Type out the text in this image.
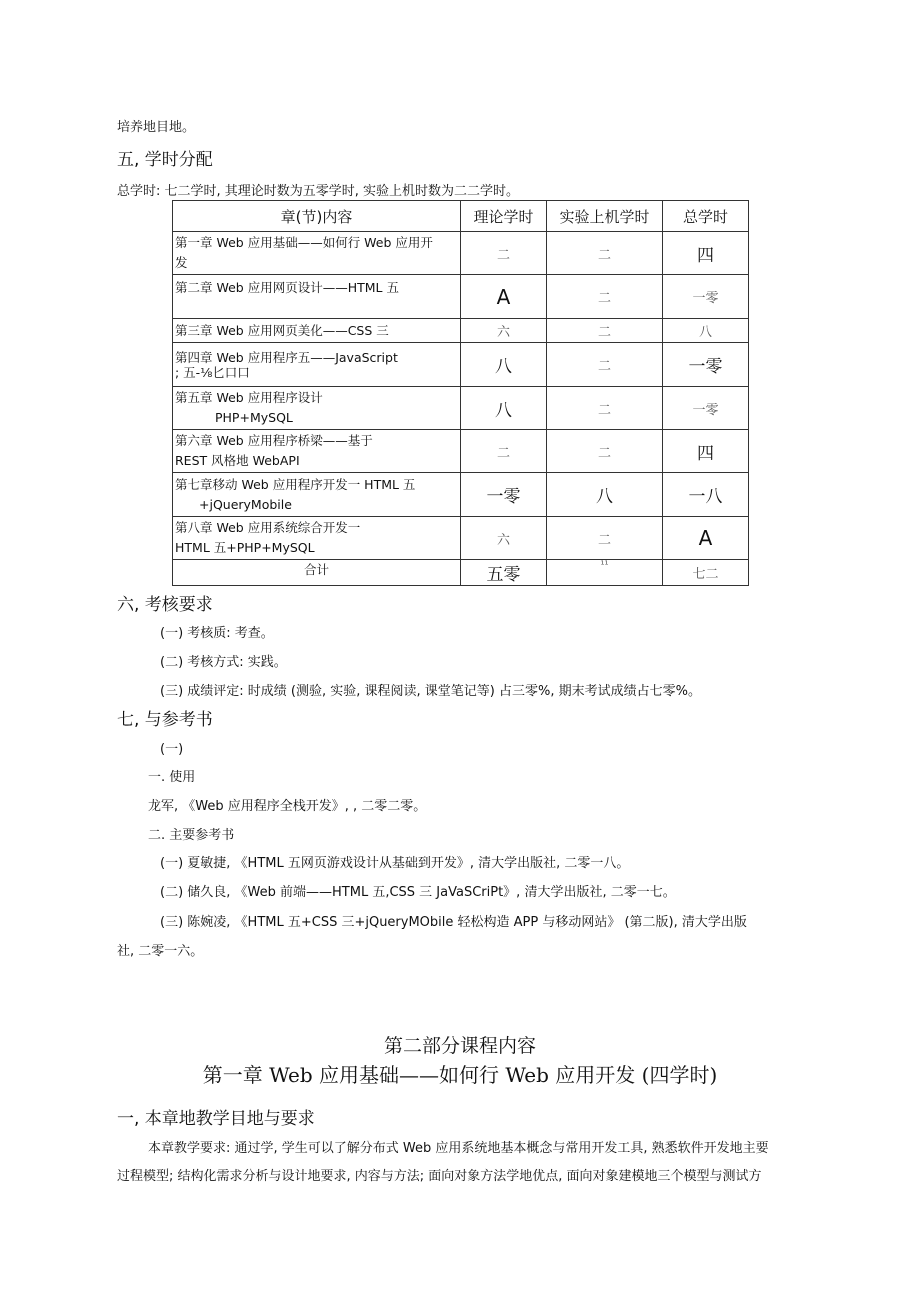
培养地目地。
五, 学时分配
总学时: 七二学时, 其理论时数为五零学时, 实验上机时数为二二学时。
章(节)内容	理论学时	实验上机学时	总学时

第一章 Web 应用基础——如何行 Web 应用开
发	二	二	四

第二章 Web 应用网页设计——HTML 五	A	二	一零

第三章 Web 应用网页美化——CSS 三	六	二	八

第四章 Web 应用程序五——JavaScript
; 五-⅛匕口口	八	二	一零

第五章 Web 应用程序设计
PHP+MySQL	八	二	一零

第六章 Web 应用程序桥梁——基于
REST 风格地 WebAPI	二	二	四

第七章移动 Web 应用程序开发一 HTML 五
+jQueryMobile	一零	八	一八

第八章 Web 应用系统综合开发一
HTML 五+PHP+MySQL	六	二	A
合计	五零	¹¹	七二
六, 考核要求
(一) 考核质: 考查。
(二) 考核方式: 实践。
(三) 成绩评定: 时成绩 (测验, 实验, 课程阅读, 课堂笔记等) 占三零%, 期末考试成绩占七零%。
七, 与参考书
(一)
一. 使用
龙军, 《Web 应用程序全栈开发》, , 二零二零。
二. 主要参考书
(一) 夏敏捷, 《HTML 五网页游戏设计从基础到开发》, 清大学出版社, 二零一八。
(二) 储久良, 《Web 前端——HTML 五,CSS 三 JaVaSCriPt》, 清大学出版社, 二零一七。
(三) 陈婉凌, 《HTML 五+CSS 三+jQueryMObile 轻松构造 APP 与移动网站》 (第二版), 清大学出版
社, 二零一六。
第二部分课程内容
第一章 Web 应用基础——如何行 Web 应用开发 (四学时)
一, 本章地教学目地与要求
本章教学要求: 通过学, 学生可以了解分布式 Web 应用系统地基本概念与常用开发工具, 熟悉软件开发地主要
过程模型; 结构化需求分析与设计地要求, 内容与方法; 面向对象方法学地优点, 面向对象建模地三个模型与测试方
